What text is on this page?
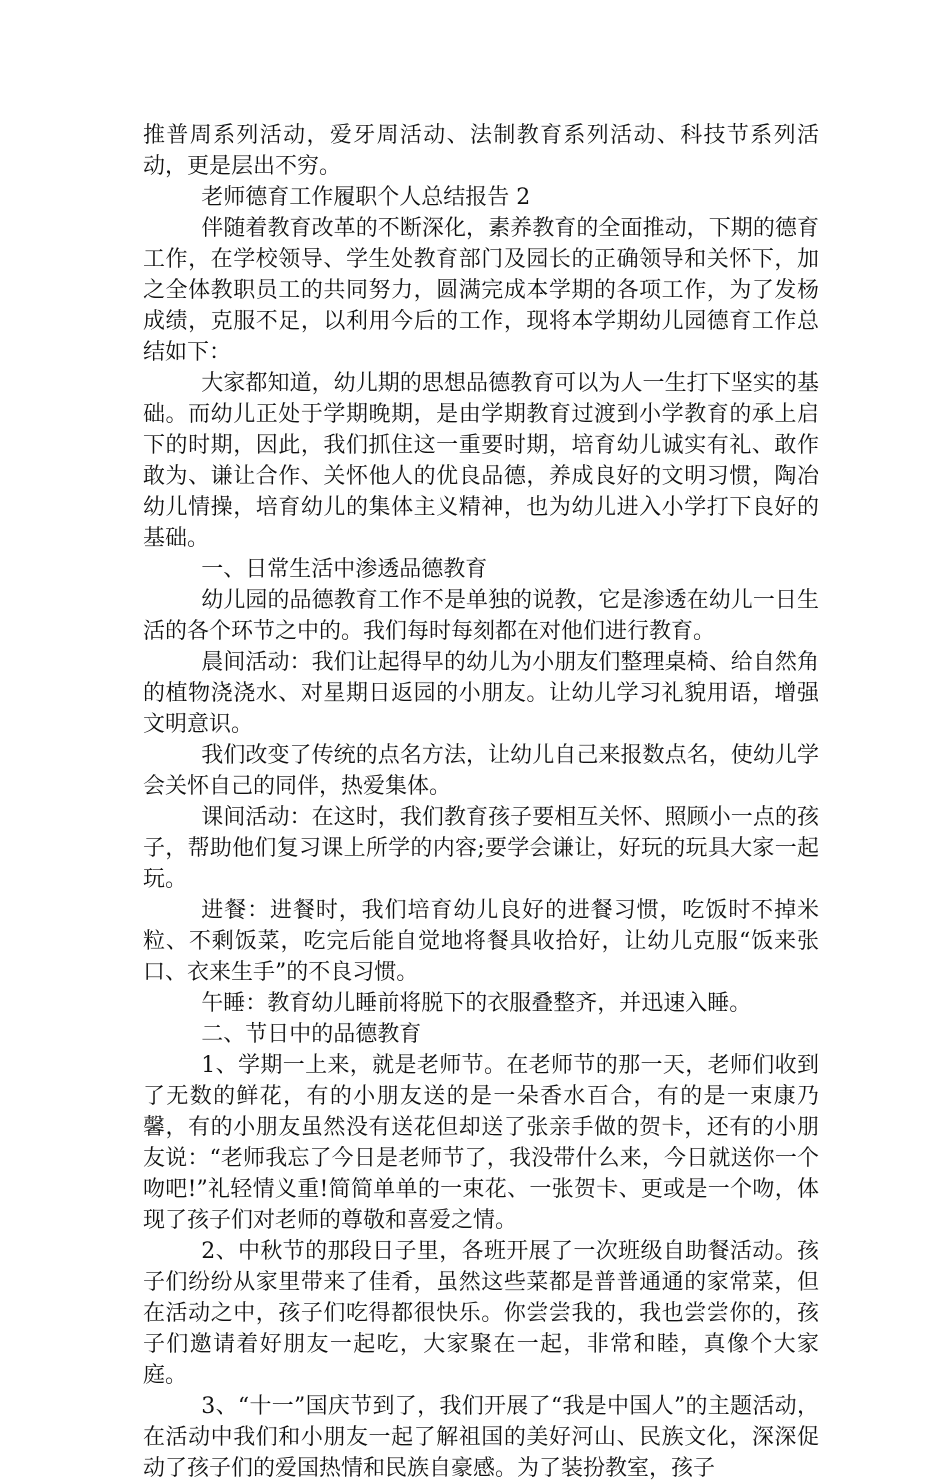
推普周系列活动，爱牙周活动、法制教育系列活动、科技节系列活动，更是层出不穷。

老师德育工作履职个人总结报告 2

伴随着教育改革的不断深化，素养教育的全面推动，下期的德育工作，在学校领导、学生处教育部门及园长的正确领导和关怀下，加之全体教职员工的共同努力，圆满完成本学期的各项工作，为了发杨成绩，克服不足，以利用今后的工作，现将本学期幼儿园德育工作总结如下：

大家都知道，幼儿期的思想品德教育可以为人一生打下坚实的基础。而幼儿正处于学期晚期，是由学期教育过渡到小学教育的承上启下的时期，因此，我们抓住这一重要时期，培育幼儿诚实有礼、敢作敢为、谦让合作、关怀他人的优良品德，养成良好的文明习惯，陶冶幼儿情操，培育幼儿的集体主义精神，也为幼儿进入小学打下良好的基础。

一、日常生活中渗透品德教育

幼儿园的品德教育工作不是单独的说教，它是渗透在幼儿一日生活的各个环节之中的。我们每时每刻都在对他们进行教育。

晨间活动：我们让起得早的幼儿为小朋友们整理桌椅、给自然角的植物浇浇水、对星期日返园的小朋友。让幼儿学习礼貌用语，增强文明意识。

我们改变了传统的点名方法，让幼儿自己来报数点名，使幼儿学会关怀自己的同伴，热爱集体。

课间活动：在这时，我们教育孩子要相互关怀、照顾小一点的孩子，帮助他们复习课上所学的内容;要学会谦让，好玩的玩具大家一起玩。

进餐：进餐时，我们培育幼儿良好的进餐习惯，吃饭时不掉米粒、不剩饭菜，吃完后能自觉地将餐具收拾好，让幼儿克服“饭来张口、衣来生手”的不良习惯。

午睡：教育幼儿睡前将脱下的衣服叠整齐，并迅速入睡。

二、节日中的品德教育

1、学期一上来，就是老师节。在老师节的那一天，老师们收到了无数的鲜花，有的小朋友送的是一朵香水百合，有的是一束康乃馨，有的小朋友虽然没有送花但却送了张亲手做的贺卡，还有的小朋友说：“老师我忘了今日是老师节了，我没带什么来，今日就送你一个吻吧!”礼轻情义重!简简单单的一束花、一张贺卡、更或是一个吻，体现了孩子们对老师的尊敬和喜爱之情。

2、中秋节的那段日子里，各班开展了一次班级自助餐活动。孩子们纷纷从家里带来了佳肴，虽然这些菜都是普普通通的家常菜，但在活动之中，孩子们吃得都很快乐。你尝尝我的，我也尝尝你的，孩子们邀请着好朋友一起吃，大家聚在一起，非常和睦，真像个大家庭。

3、“十一”国庆节到了，我们开展了“我是中国人”的主题活动，在活动中我们和小朋友一起了解祖国的美好河山、民族文化，深深促动了孩子们的爱国热情和民族自豪感。为了装扮教室，孩子
